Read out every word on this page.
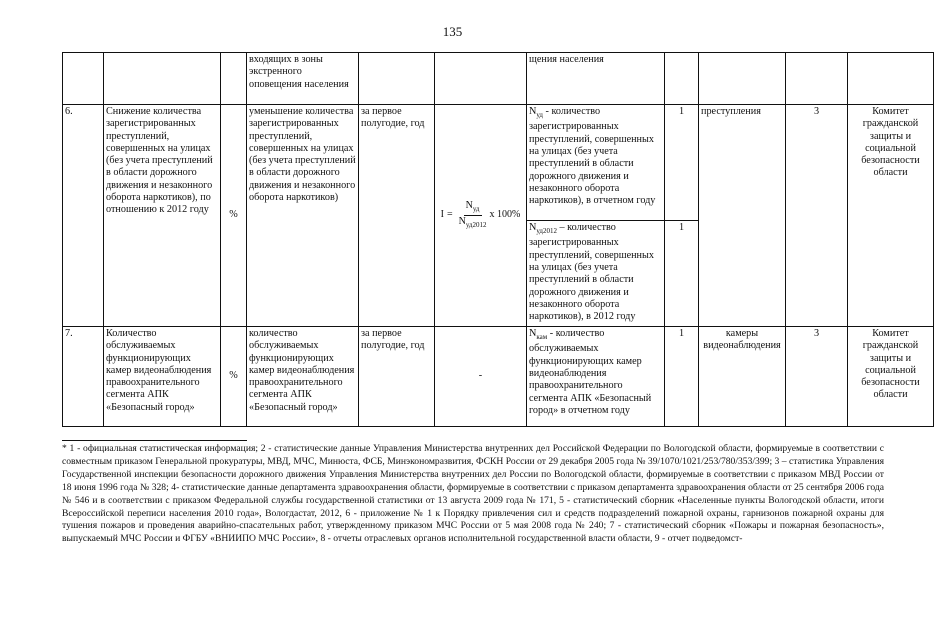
135
			входящих в зоны экстренного оповещения населения			щения населения				
6.	Снижение количества зарегистрированных преступлений, совершенных на улицах (без учета преступлений в области дорожного движения и незаконного оборота наркотиков), по отношению к 2012 году	%	уменьшение количества зарегистрированных преступлений, совершенных на улицах (без учета преступлений в области дорожного движения и незаконного оборота наркотиков)	за первое полугодие, год	$I = \frac{N_{уд}}{N_{уд2012}}$ х 100%	$N_{уд}$ - количество зарегистрированных преступлений, совершенных на улицах (без учета преступлений в области дорожного движения и незаконного оборота наркотиков), в отчетном году	1	преступления	3	Комитет гражданской защиты и социальной безопасности области
						$N_{уд2012}$ – количество зарегистрированных преступлений, совершенных на улицах (без учета преступлений в области дорожного движения и незаконного оборота наркотиков), в 2012 году	1			
7.	Количество обслуживаемых функционирующих камер видеонаблюдения правоохранительного сегмента АПК «Безопасный город»	%	количество обслуживаемых функционирующих камер видеонаблюдения правоохранительного сегмента АПК «Безопасный город»	за первое полугодие, год	-	$N_{кам}$ - количество обслуживаемых функционирующих камер видеонаблюдения правоохранительного сегмента АПК «Безопасный город» в отчетном году	1	камеры видеонаблюдения	3	Комитет гражданской защиты и социальной безопасности области
* 1 - официальная статистическая информация; 2 - статистические данные Управления Министерства внутренних дел Российской Федерации по Вологодской области, формируемые в соответствии с совместным приказом Генеральной прокуратуры, МВД, МЧС, Минюста, ФСБ, Минэкономразвития, ФСКН России от 29 декабря 2005 года № 39/1070/1021/253/780/353/399; 3 – статистика Управления Государственной инспекции безопасности дорожного движения Управления Министерства внутренних дел России по Вологодской области, формируемые в соответствии с приказом МВД России от 18 июня 1996 года № 328; 4- статистические данные департамента здравоохранения области, формируемые в соответствии с приказом департамента здравоохранения области от 25 сентября 2006 года № 546 и в соответствии с приказом Федеральной службы государственной статистики от 13 августа 2009 года № 171, 5 - статистический сборник «Населенные пункты Вологодской области, итоги Всероссийской переписи населения 2010 года», Вологдастат, 2012, 6 - приложение № 1 к Порядку привлечения сил и средств подразделений пожарной охраны, гарнизонов пожарной охраны для тушения пожаров и проведения аварийно-спасательных работ, утвержденному приказом МЧС России от 5 мая 2008 года № 240; 7 - статистический сборник «Пожары и пожарная безопасность», выпускаемый МЧС России и ФГБУ «ВНИИПО МЧС России», 8 - отчеты отраслевых органов исполнительной государственной власти области, 9 - отчет подведомст-
